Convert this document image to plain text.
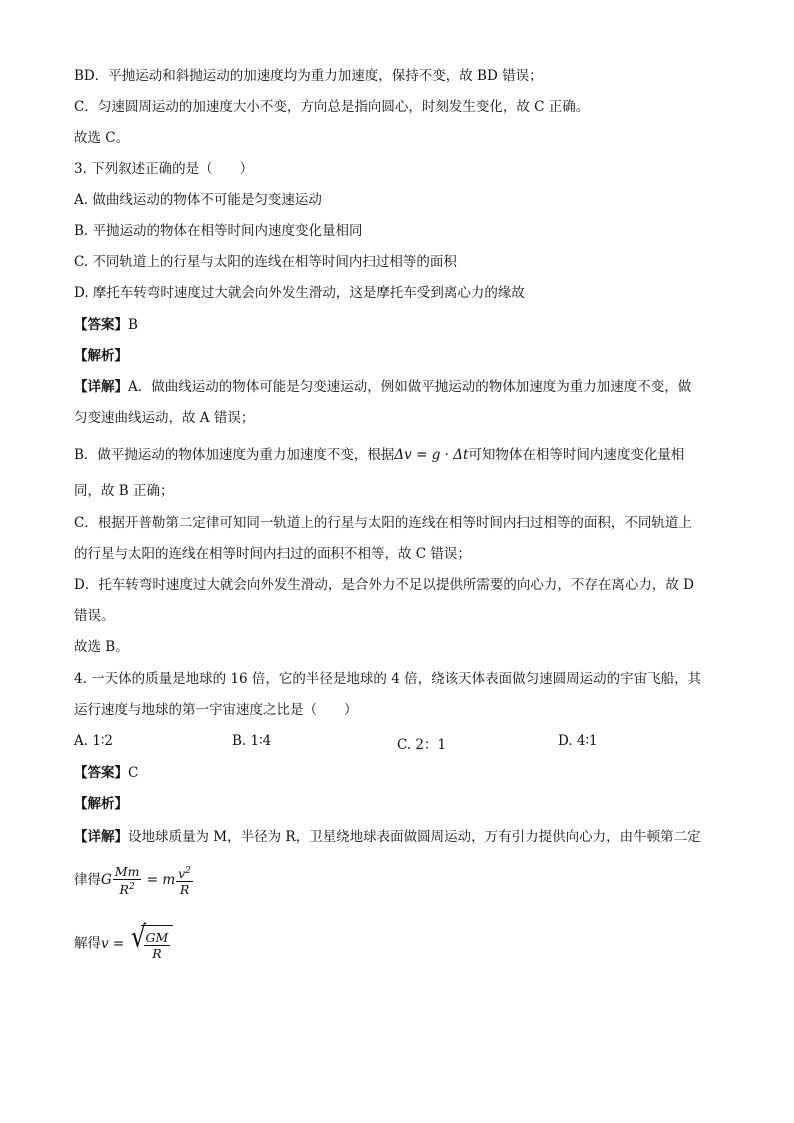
BD．平抛运动和斜抛运动的加速度均为重力加速度，保持不变，故 BD 错误；
C．匀速圆周运动的加速度大小不变，方向总是指向圆心，时刻发生变化，故 C 正确。
故选 C。
3. 下列叙述正确的是（　　）
A. 做曲线运动的物体不可能是匀变速运动
B. 平抛运动的物体在相等时间内速度变化量相同
C. 不同轨道上的行星与太阳的连线在相等时间内扫过相等的面积
D. 摩托车转弯时速度过大就会向外发生滑动，这是摩托车受到离心力的缘故
【答案】B
【解析】
【详解】A．做曲线运动的物体可能是匀变速运动，例如做平抛运动的物体加速度为重力加速度不变，做
匀变速曲线运动，故 A 错误；
B．做平抛运动的物体加速度为重力加速度不变，根据Δv = g · Δt可知物体在相等时间内速度变化量相
同，故 B 正确；
C．根据开普勒第二定律可知同一轨道上的行星与太阳的连线在相等时间内扫过相等的面积，不同轨道上
的行星与太阳的连线在相等时间内扫过的面积不相等，故 C 错误；
D．托车转弯时速度过大就会向外发生滑动，是合外力不足以提供所需要的向心力，不存在离心力，故 D
错误。
故选 B。
4. 一天体的质量是地球的 16 倍，它的半径是地球的 4 倍，绕该天体表面做匀速圆周运动的宇宙飞船，其
运行速度与地球的第一宇宙速度之比是（　　）
A. 1∶2	B. 1∶4	C. 2：1	D. 4∶1
【答案】C
【解析】
【详解】设地球质量为 M，半径为 R，卫星绕地球表面做圆周运动，万有引力提供向心力，由牛顿第二定
律得G $\frac{Mm}{R^2} = m \frac{v^2}{R}$
解得v = √
$\frac{GM}{R}$
